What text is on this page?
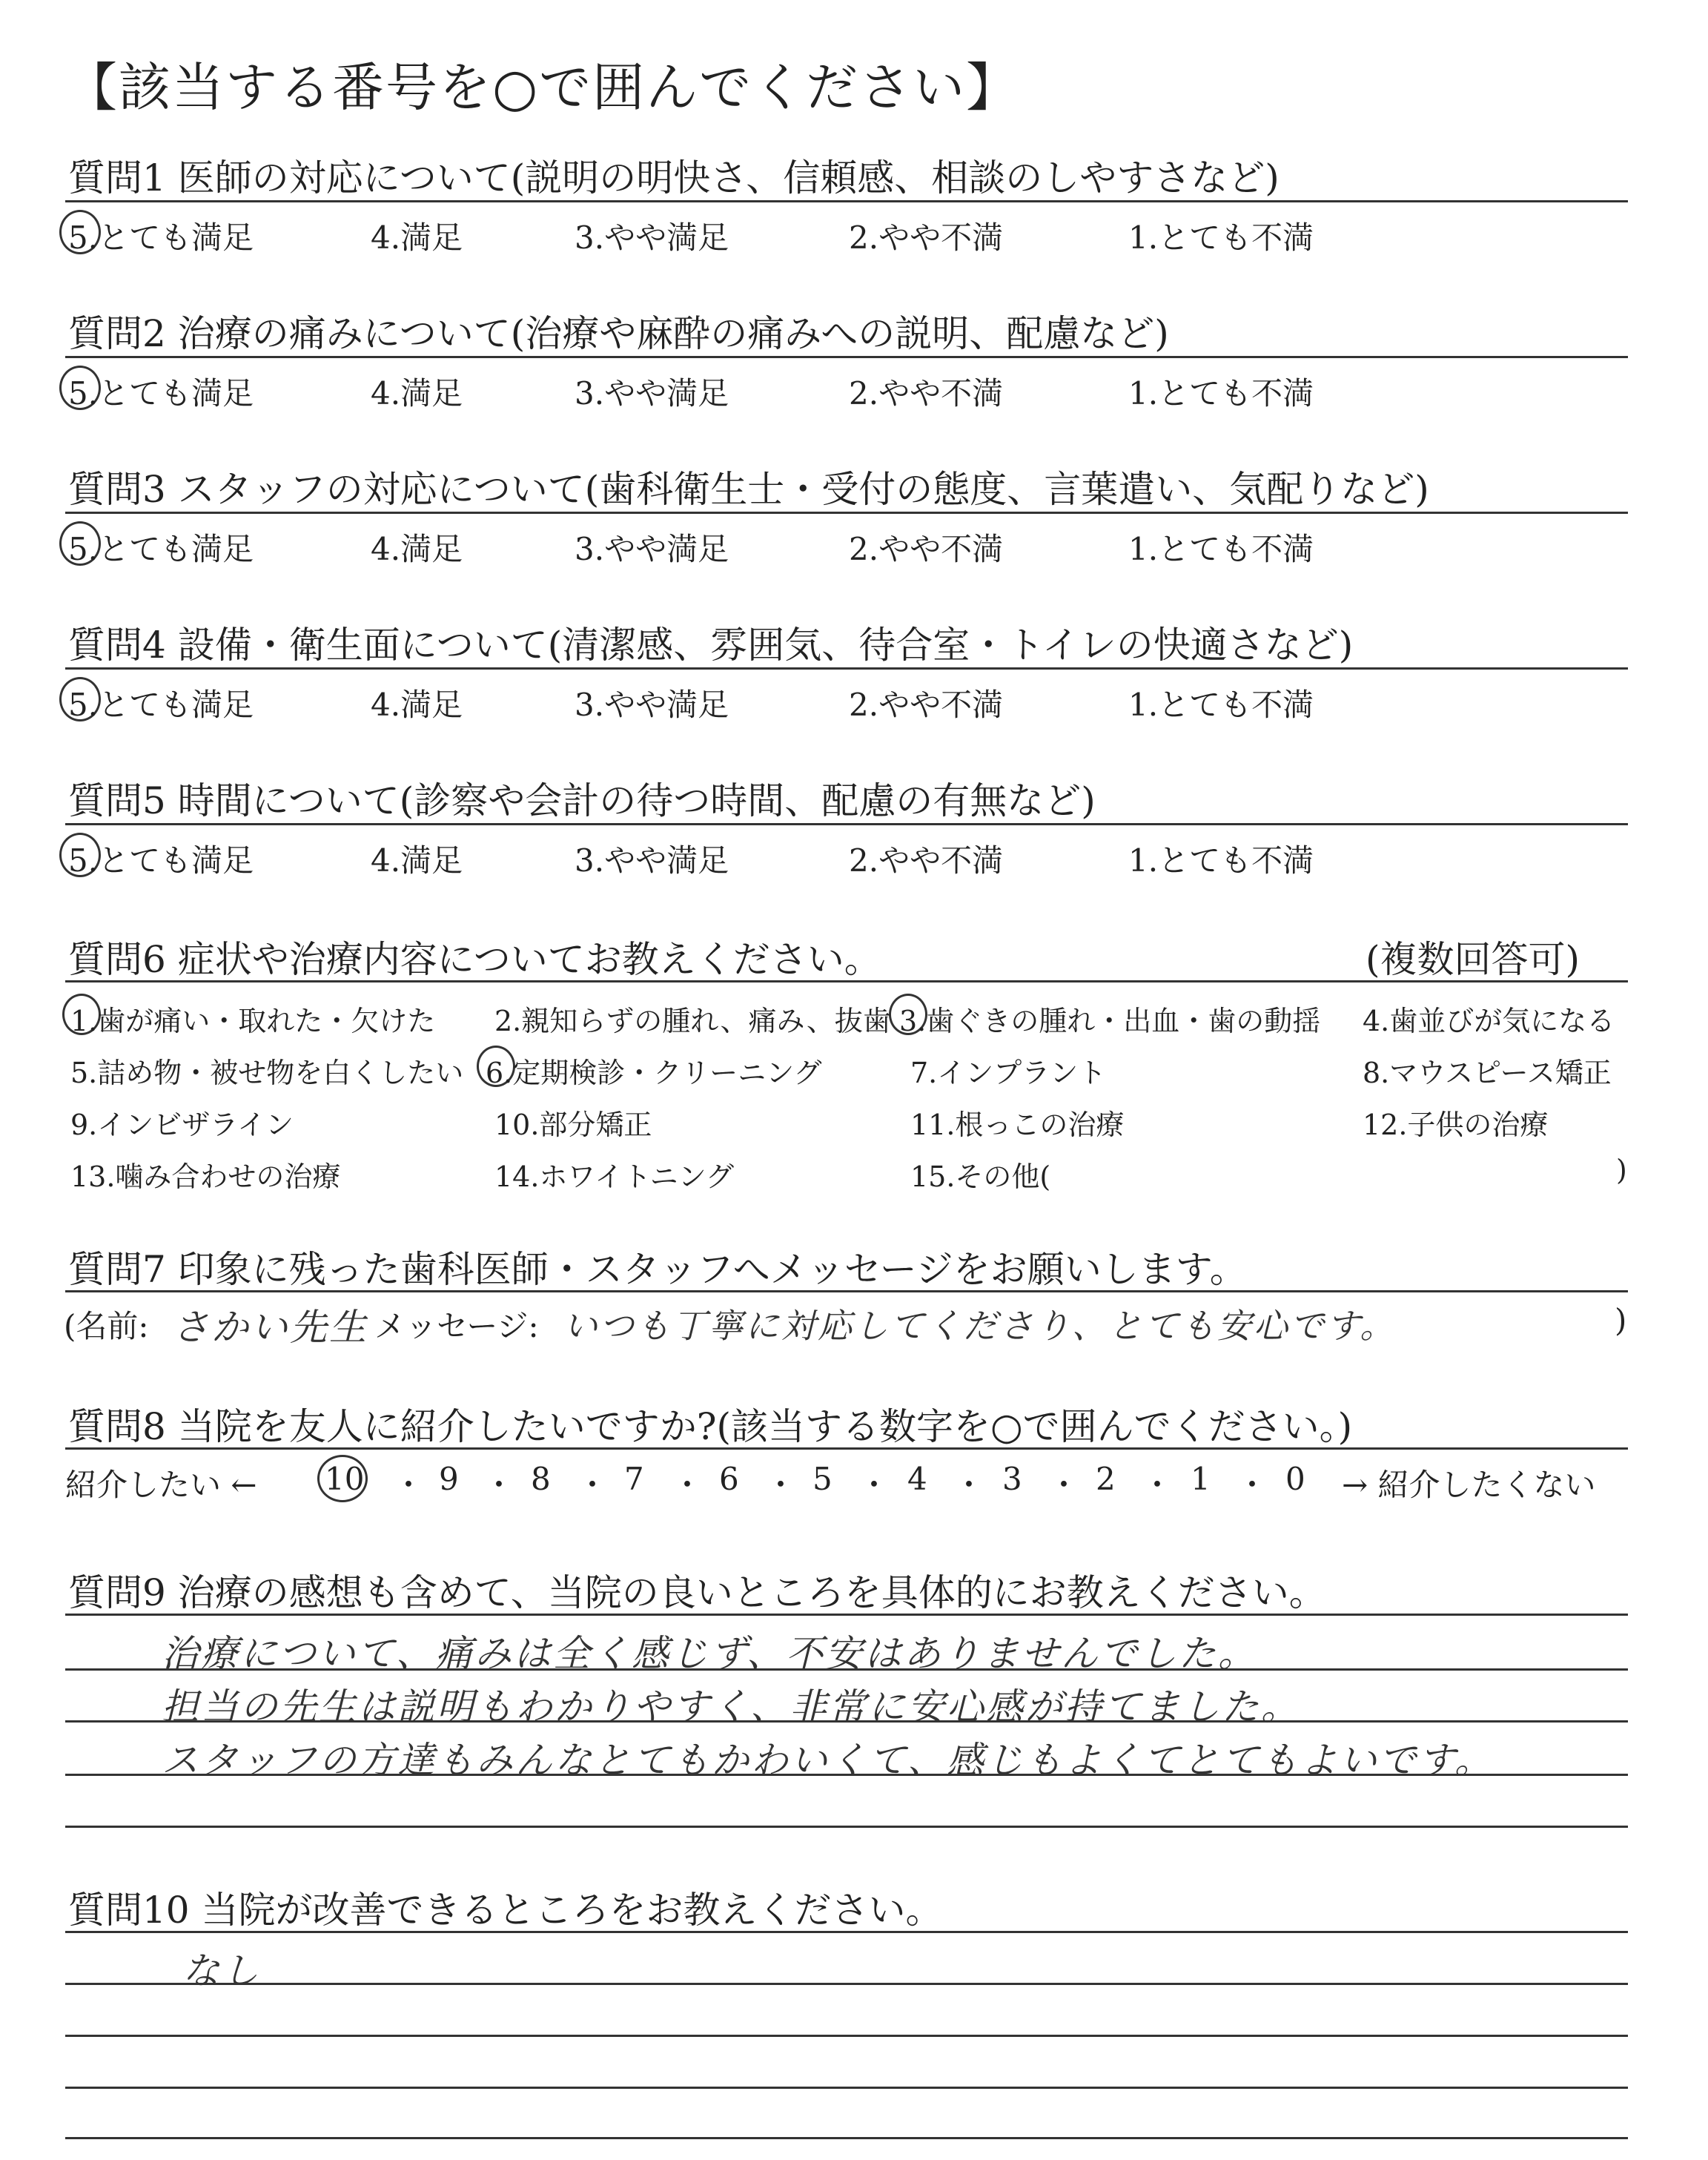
【該当する番号を○で囲んでください】
質問1 医師の対応について(説明の明快さ、信頼感、相談のしやすさなど)
5.とても満足	4.満足	3.やや満足	2.やや不満	1.とても不満
質問2 治療の痛みについて(治療や麻酔の痛みへの説明、配慮など)
5.とても満足	4.満足	3.やや満足	2.やや不満	1.とても不満
質問3 スタッフの対応について(歯科衛生士・受付の態度、言葉遣い、気配りなど)
5.とても満足	4.満足	3.やや満足	2.やや不満	1.とても不満
質問4 設備・衛生面について(清潔感、雰囲気、待合室・トイレの快適さなど)
5.とても満足	4.満足	3.やや満足	2.やや不満	1.とても不満
質問5 時間について(診察や会計の待つ時間、配慮の有無など)
5.とても満足	4.満足	3.やや満足	2.やや不満	1.とても不満
質問6 症状や治療内容についてお教えください。	(複数回答可)
1.歯が痛い・取れた・欠けた 2.親知らずの腫れ、痛み、抜歯 3.歯ぐきの腫れ・出血・歯の動揺 4.歯並びが気になる
5.詰め物・被せ物を白くしたい 6.定期検診・クリーニング	7.インプラント	8.マウスピース矯正
9.インビザライン	10.部分矯正	11.根っこの治療	12.子供の治療
13.噛み合わせの治療	14.ホワイトニング	15.その他(	)
質問7 印象に残った歯科医師・スタッフへメッセージをお願いします。
(名前: さかい先生 メッセージ: いつも丁寧に対応してくださり、とても安心です。	)
質問8 当院を友人に紹介したいですか?(該当する数字を○で囲んでください。)
紹介したい ← 10 ・ 9 ・ 8 ・ 7 ・ 6 ・ 5 ・ 4 ・ 3 ・ 2 ・ 1 ・ 0 → 紹介したくない
質問9 治療の感想も含めて、当院の良いところを具体的にお教えください。
治療について、痛みは全く感じず、不安はありませんでした。
担当の先生は説明もわかりやすく、非常に安心感が持てました。
スタッフの方達もみんなとてもかわいくて、感じもよくてとてもよいです。
質問10 当院が改善できるところをお教えください。
なし
